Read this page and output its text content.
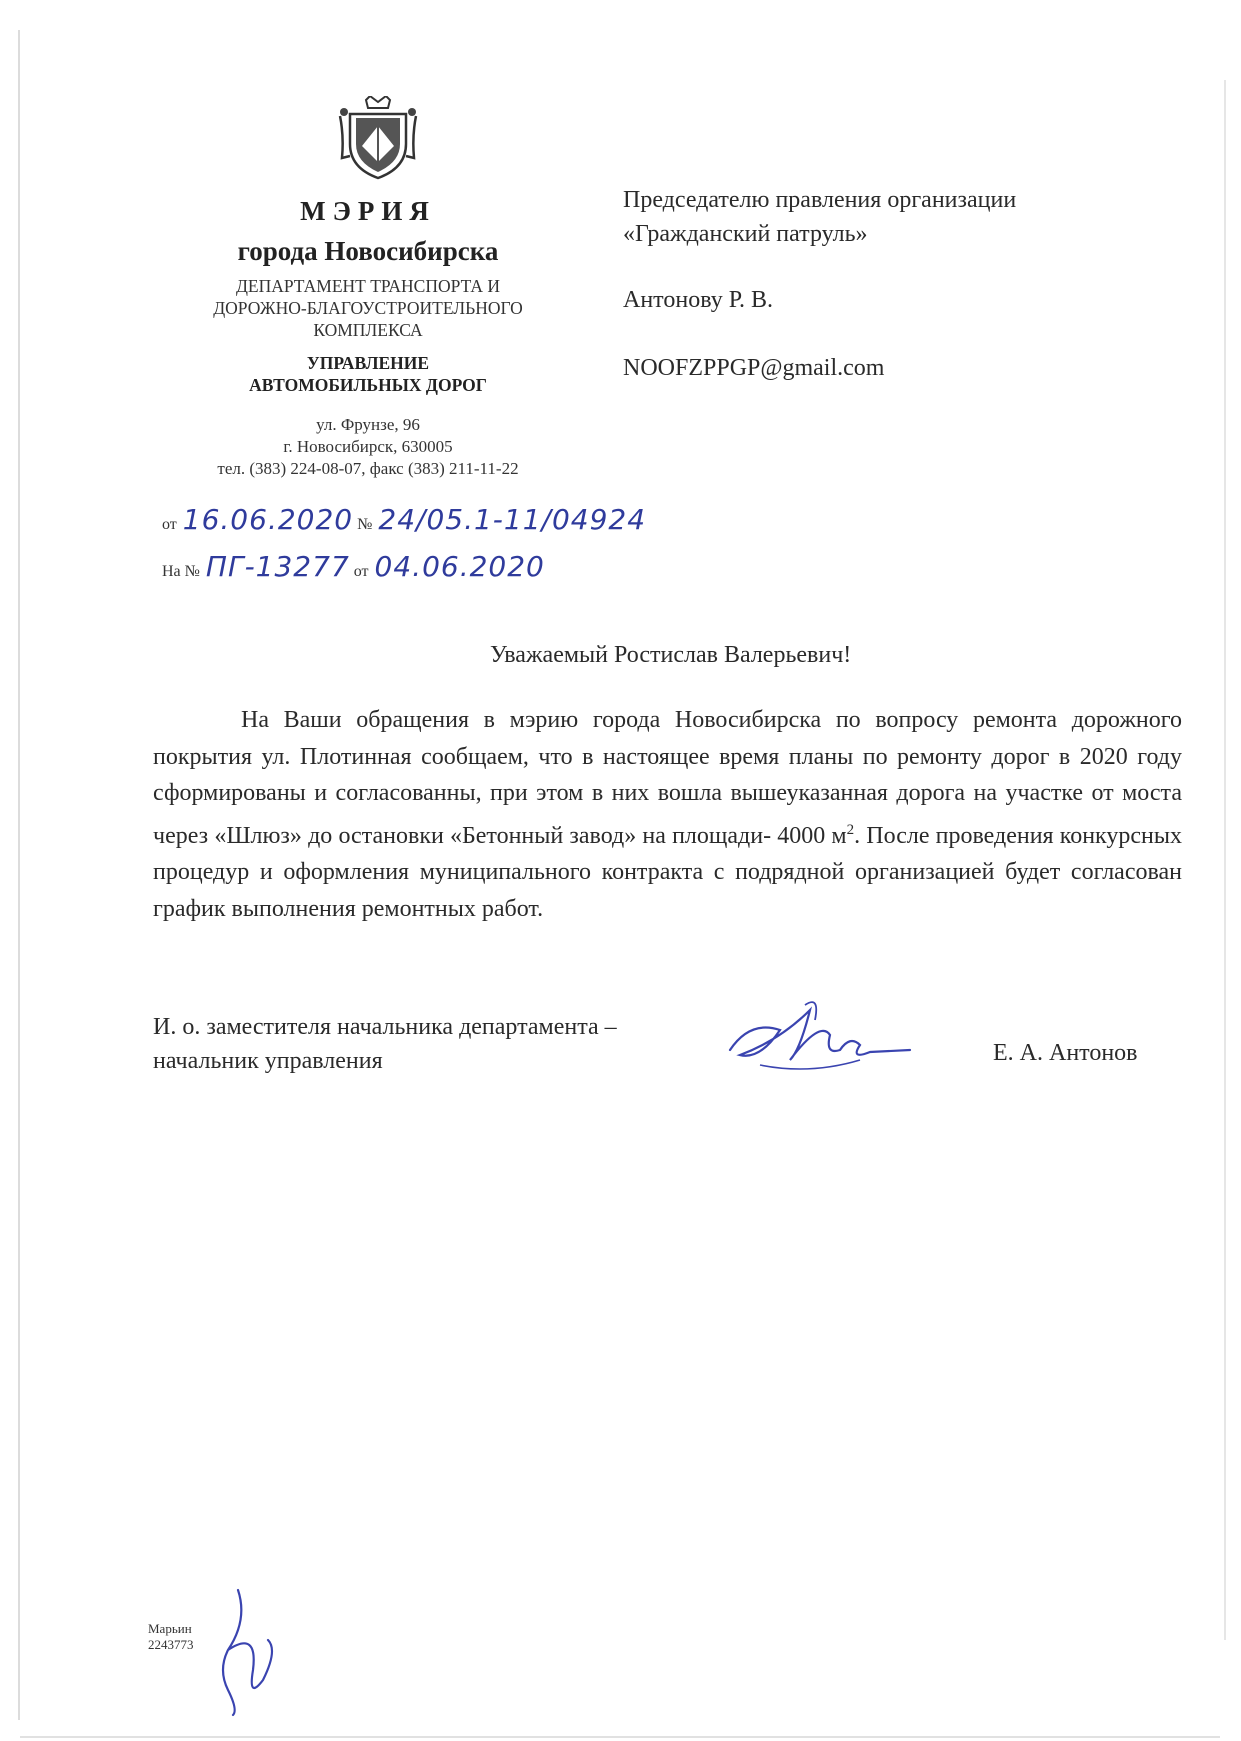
МЭРИЯ
города Новосибирска
ДЕПАРТАМЕНТ ТРАНСПОРТА И
ДОРОЖНО-БЛАГОУСТРОИТЕЛЬНОГО
КОМПЛЕКСА
УПРАВЛЕНИЕ
АВТОМОБИЛЬНЫХ ДОРОГ
ул. Фрунзе, 96
г. Новосибирск, 630005
тел. (383) 224-08-07, факс (383) 211-11-22
от 16.06.2020 № 24/05.1-11/04924
На № ПГ-13277 от 04.06.2020
Председателю правления организации
«Гражданский патруль»
Антонову Р. В.
NOOFZPPGP@gmail.com
Уважаемый Ростислав Валерьевич!
На Ваши обращения в мэрию города Новосибирска по вопросу ремонта дорожного покрытия ул. Плотинная сообщаем, что в настоящее время планы по ремонту дорог в 2020 году сформированы и согласованны, при этом в них вошла вышеуказанная дорога на участке от моста через «Шлюз» до остановки «Бетонный завод» на площади- 4000 $м^2$. После проведения конкурсных процедур и оформления муниципального контракта с подрядной организацией будет согласован график выполнения ремонтных работ.
И. о. заместителя начальника департамента –
начальник управления	Е. А. Антонов
Марьин
2243773
